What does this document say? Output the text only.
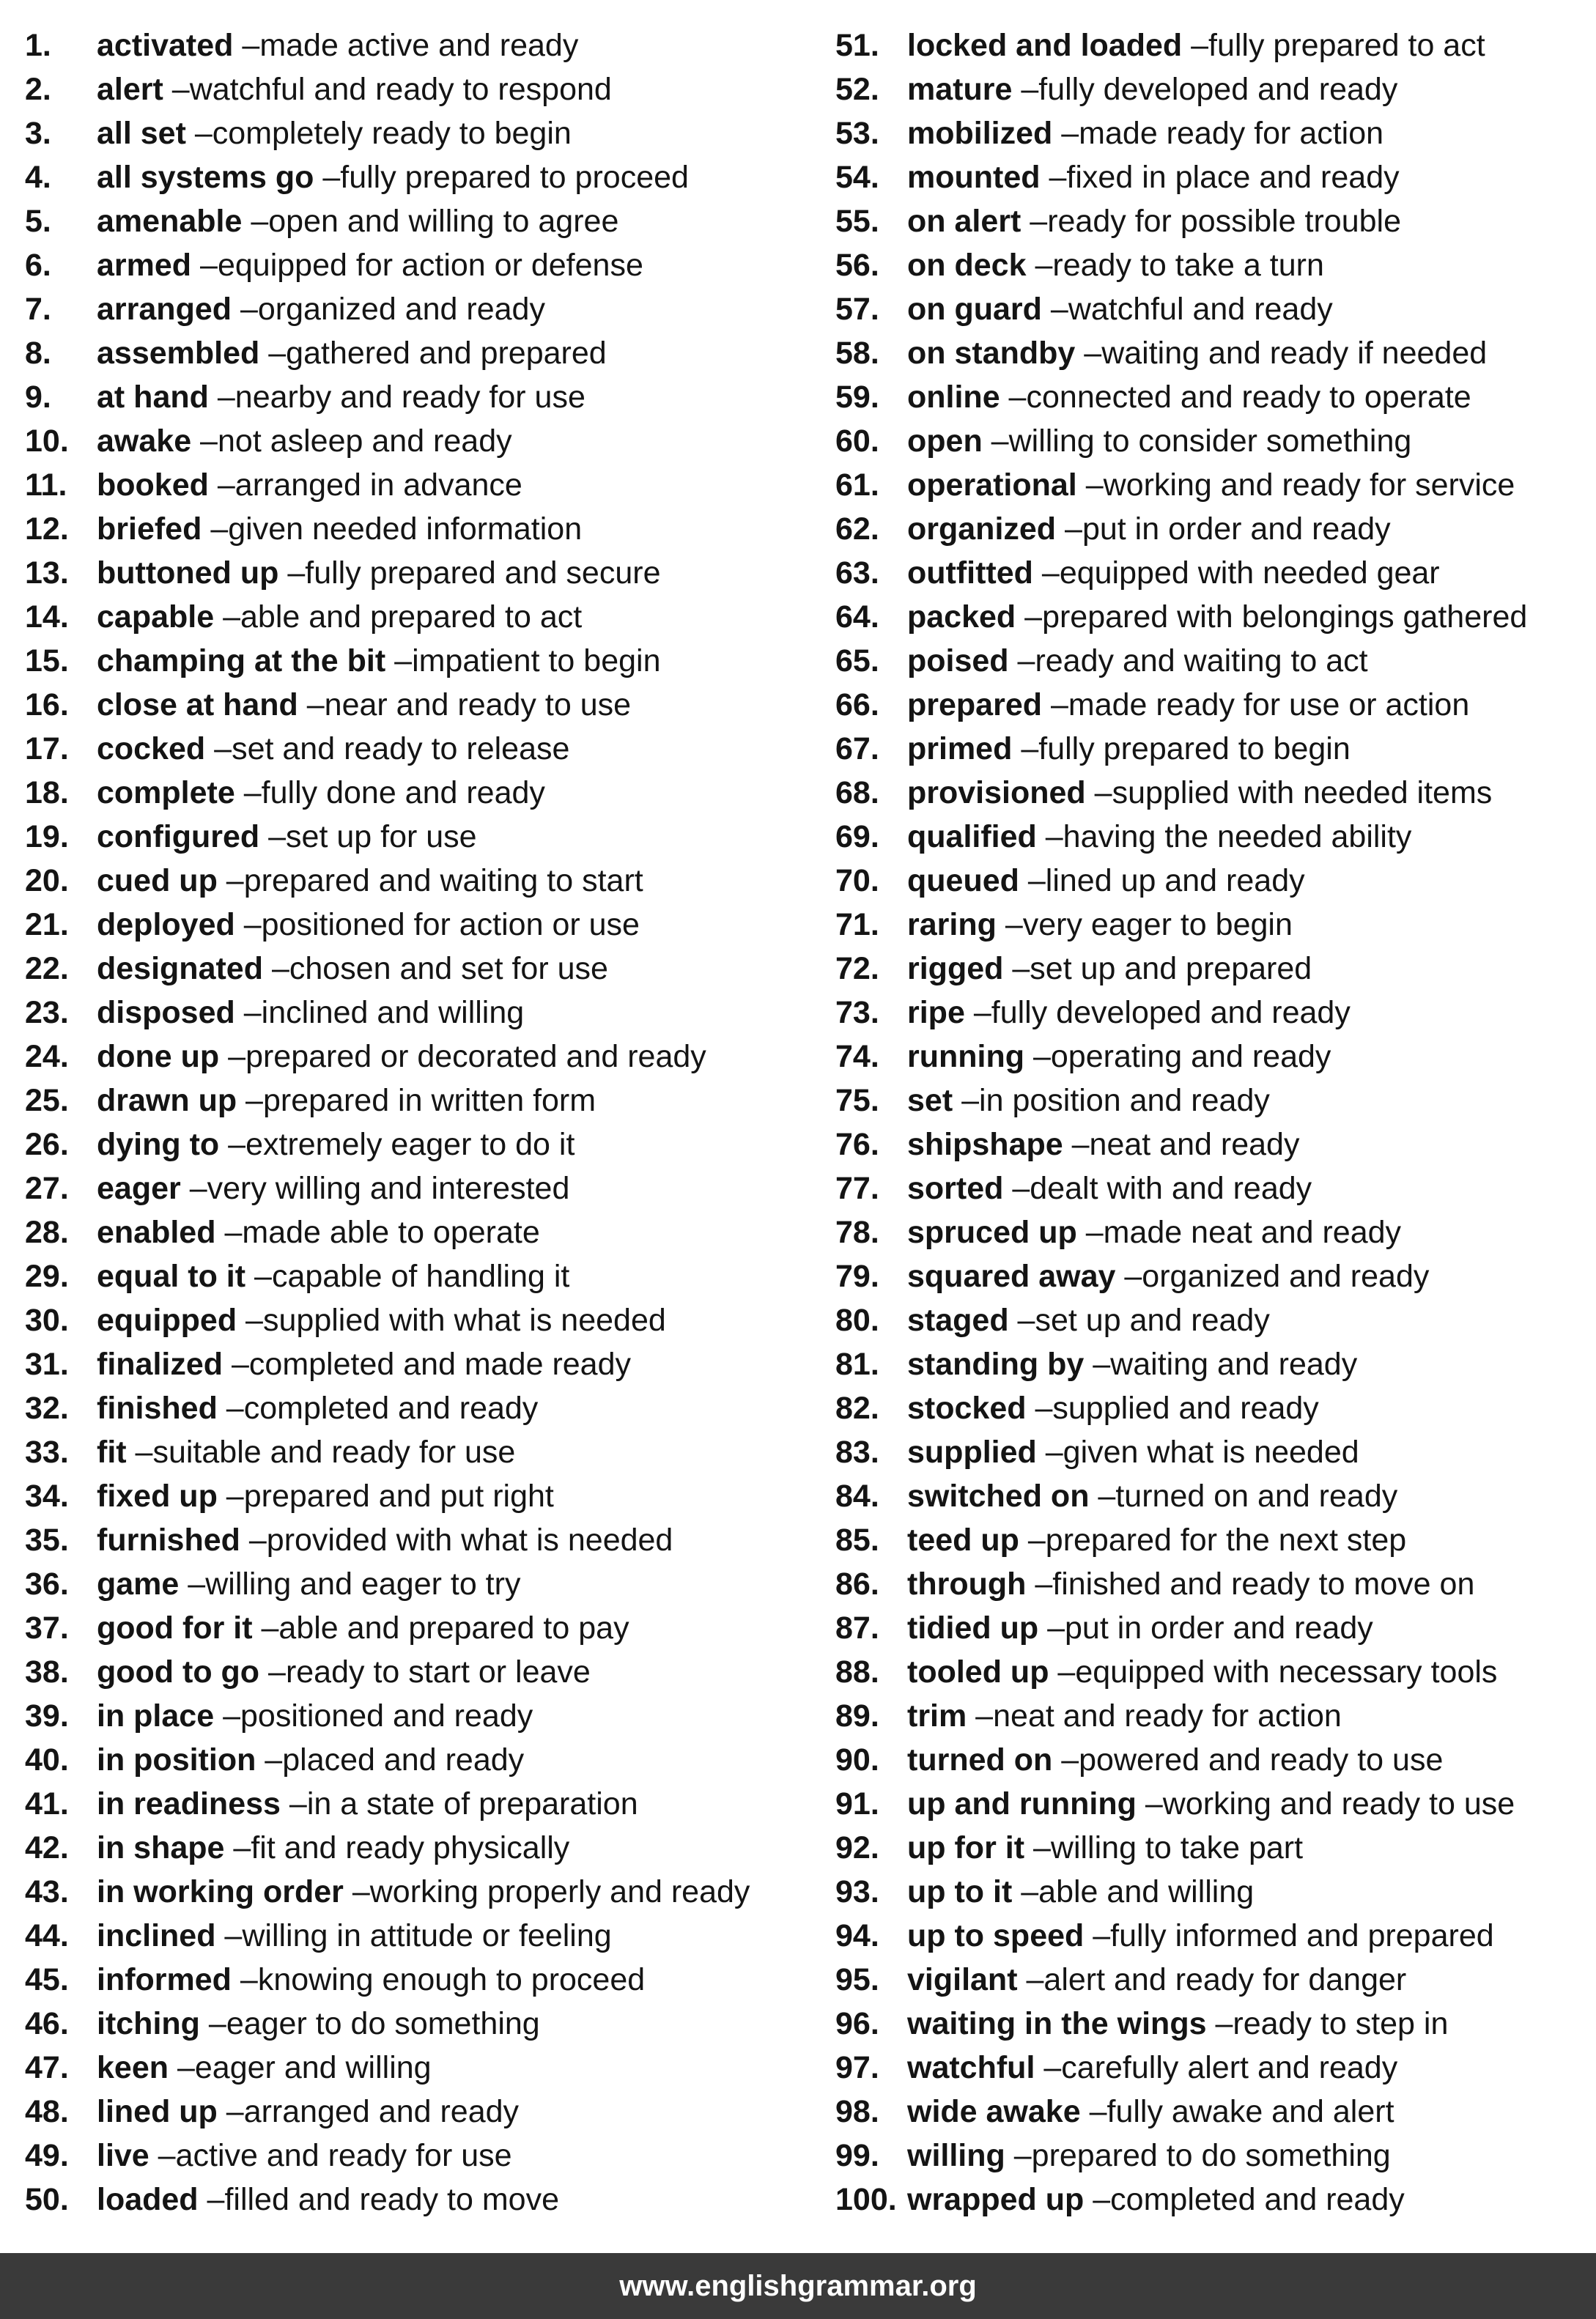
1. activated – made active and ready
2. alert – watchful and ready to respond
3. all set – completely ready to begin
4. all systems go – fully prepared to proceed
5. amenable – open and willing to agree
6. armed – equipped for action or defense
7. arranged – organized and ready
8. assembled – gathered and prepared
9. at hand – nearby and ready for use
10. awake – not asleep and ready
11. booked – arranged in advance
12. briefed – given needed information
13. buttoned up – fully prepared and secure
14. capable – able and prepared to act
15. champing at the bit – impatient to begin
16. close at hand – near and ready to use
17. cocked – set and ready to release
18. complete – fully done and ready
19. configured – set up for use
20. cued up – prepared and waiting to start
21. deployed – positioned for action or use
22. designated – chosen and set for use
23. disposed – inclined and willing
24. done up – prepared or decorated and ready
25. drawn up – prepared in written form
26. dying to – extremely eager to do it
27. eager – very willing and interested
28. enabled – made able to operate
29. equal to it – capable of handling it
30. equipped – supplied with what is needed
31. finalized – completed and made ready
32. finished – completed and ready
33. fit – suitable and ready for use
34. fixed up – prepared and put right
35. furnished – provided with what is needed
36. game – willing and eager to try
37. good for it – able and prepared to pay
38. good to go – ready to start or leave
39. in place – positioned and ready
40. in position – placed and ready
41. in readiness – in a state of preparation
42. in shape – fit and ready physically
43. in working order – working properly and ready
44. inclined – willing in attitude or feeling
45. informed – knowing enough to proceed
46. itching – eager to do something
47. keen – eager and willing
48. lined up – arranged and ready
49. live – active and ready for use
50. loaded – filled and ready to move
51. locked and loaded – fully prepared to act
52. mature – fully developed and ready
53. mobilized – made ready for action
54. mounted – fixed in place and ready
55. on alert – ready for possible trouble
56. on deck – ready to take a turn
57. on guard – watchful and ready
58. on standby – waiting and ready if needed
59. online – connected and ready to operate
60. open – willing to consider something
61. operational – working and ready for service
62. organized – put in order and ready
63. outfitted – equipped with needed gear
64. packed – prepared with belongings gathered
65. poised – ready and waiting to act
66. prepared – made ready for use or action
67. primed – fully prepared to begin
68. provisioned – supplied with needed items
69. qualified – having the needed ability
70. queued – lined up and ready
71. raring – very eager to begin
72. rigged – set up and prepared
73. ripe – fully developed and ready
74. running – operating and ready
75. set – in position and ready
76. shipshape – neat and ready
77. sorted – dealt with and ready
78. spruced up – made neat and ready
79. squared away – organized and ready
80. staged – set up and ready
81. standing by – waiting and ready
82. stocked – supplied and ready
83. supplied – given what is needed
84. switched on – turned on and ready
85. teed up – prepared for the next step
86. through – finished and ready to move on
87. tidied up – put in order and ready
88. tooled up – equipped with necessary tools
89. trim – neat and ready for action
90. turned on – powered and ready to use
91. up and running – working and ready to use
92. up for it – willing to take part
93. up to it – able and willing
94. up to speed – fully informed and prepared
95. vigilant – alert and ready for danger
96. waiting in the wings – ready to step in
97. watchful – carefully alert and ready
98. wide awake – fully awake and alert
99. willing – prepared to do something
100. wrapped up – completed and ready
www.englishgrammar.org
